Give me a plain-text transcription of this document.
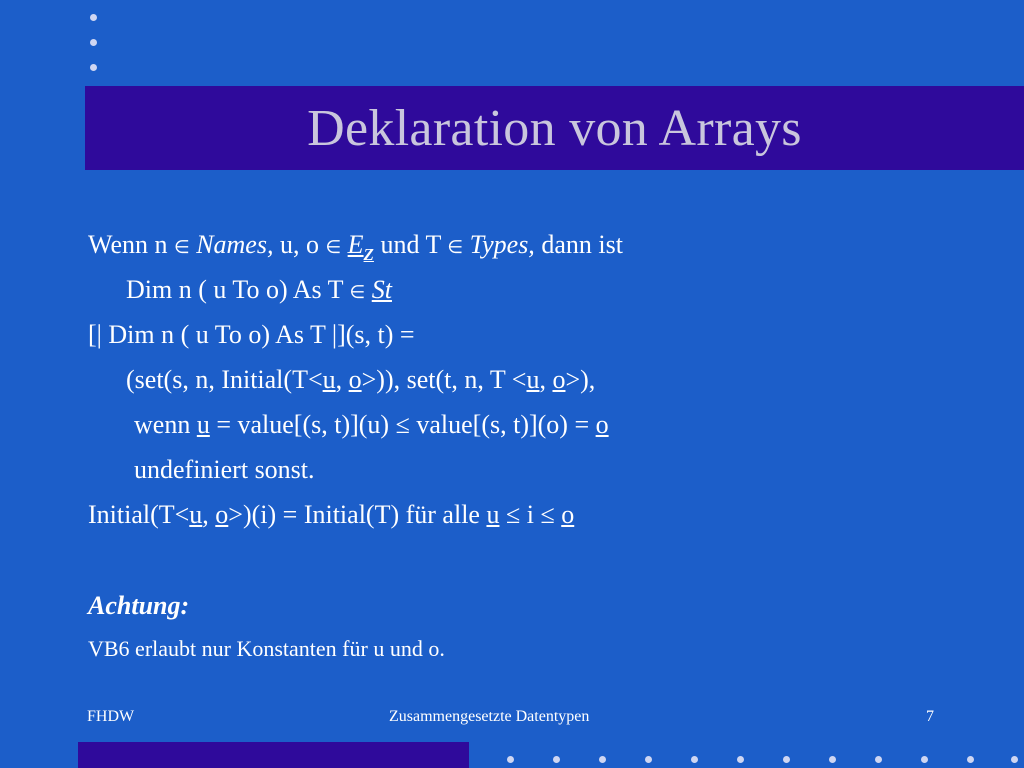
Deklaration von Arrays
Wenn n ∈ Names, u, o ∈ $E_Z$ und T ∈ Types, dann ist
Dim n ( u To o) As T ∈ St
[| Dim n ( u To o) As T |](s, t) =
(set(s, n, Initial(T<u, o>)), set(t, n, T <u, o>),
wenn u = value[(s, t)](u) ≤ value[(s, t)](o) = o
undefiniert sonst.
Initial(T<u, o>)(i) = Initial(T) für alle u ≤ i ≤ o
Achtung:
VB6 erlaubt nur Konstanten für u und o.
FHDW	Zusammengesetzte Datentypen	7
